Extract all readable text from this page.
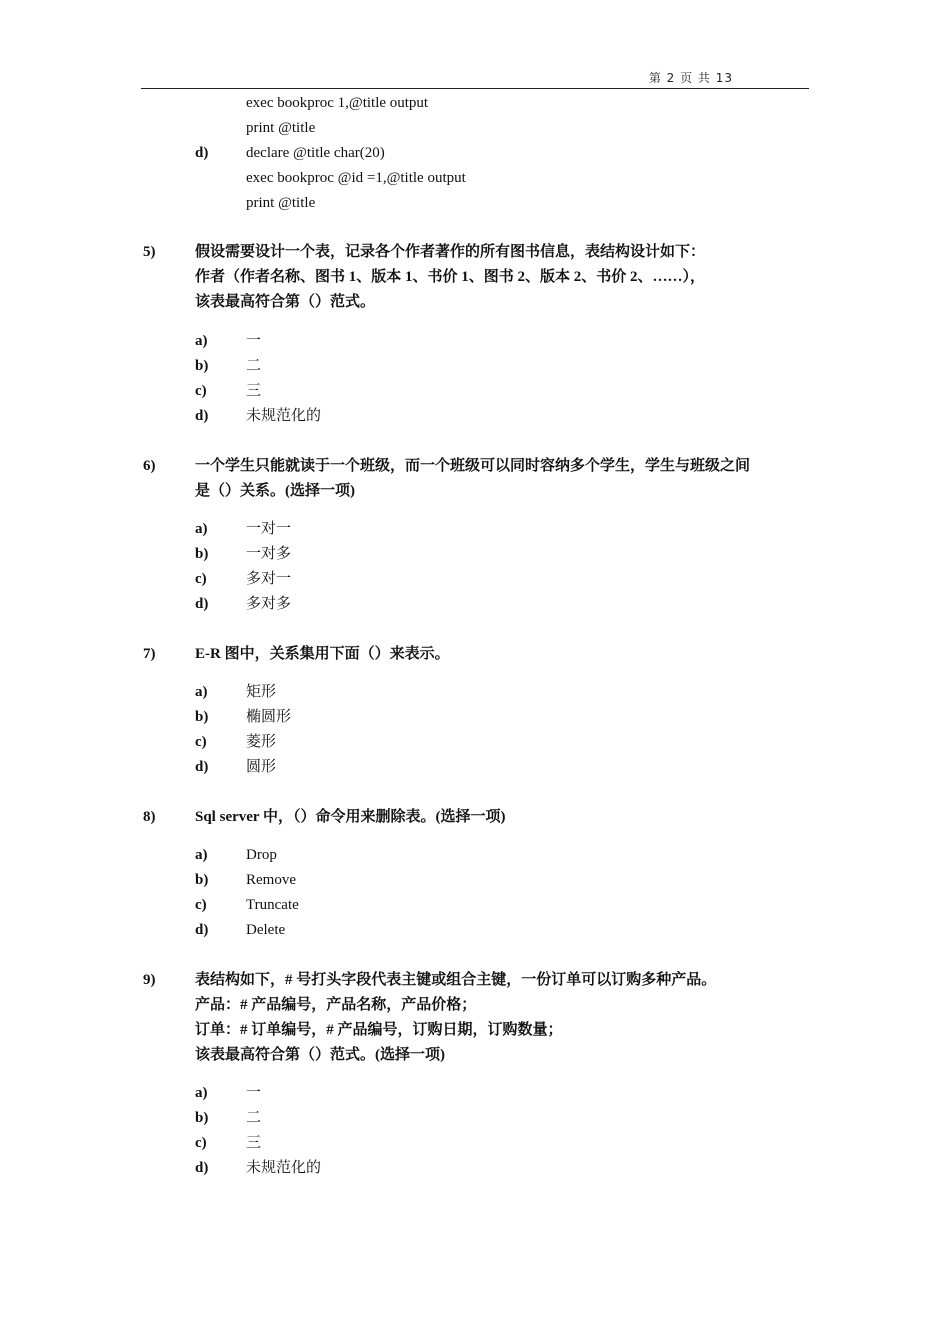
第 2 页 共 13
exec bookproc 1,@title output
print @title
d)	declare @title char(20)
exec bookproc @id =1,@title output
print @title
5)	假设需要设计一个表，记录各个作者著作的所有图书信息，表结构设计如下：
作者（作者名称、图书 1、版本 1、书价 1、图书 2、版本 2、书价 2、……），
该表最高符合第（）范式。
a)	一
b)	二
c)	三
d)	未规范化的
6)	一个学生只能就读于一个班级，而一个班级可以同时容纳多个学生，学生与班级之间
是（）关系。(选择一项)
a)	一对一
b)	一对多
c)	多对一
d)	多对多
7)	E-R 图中，关系集用下面（）来表示。
a)	矩形
b)	椭圆形
c)	菱形
d)	圆形
8)	Sql server 中，（）命令用来删除表。(选择一项)
a)	Drop
b)	Remove
c)	Truncate
d)	Delete
9)	表结构如下，# 号打头字段代表主键或组合主键，一份订单可以订购多种产品。
产品：# 产品编号，产品名称，产品价格；
订单：# 订单编号，# 产品编号，订购日期，订购数量；
该表最高符合第（）范式。(选择一项)
a)	一
b)	二
c)	三
d)	未规范化的
